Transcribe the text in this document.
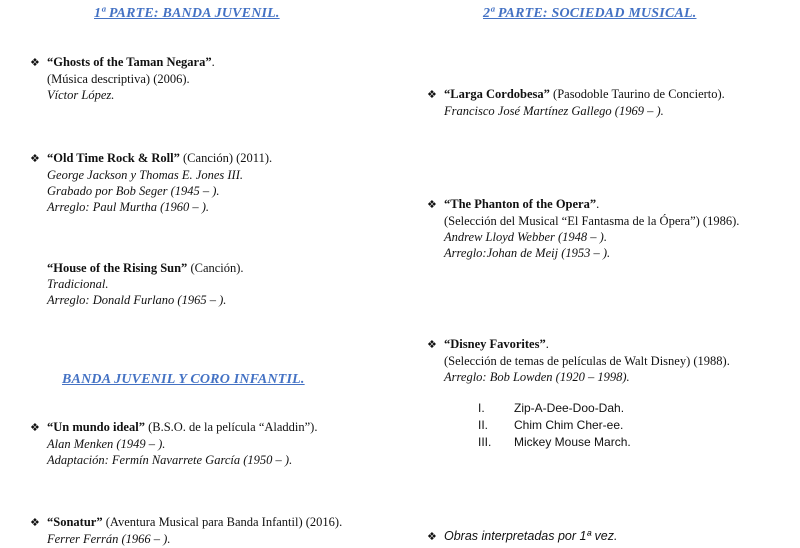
1ª PARTE: BANDA JUVENIL.
❖ “Ghosts of the Taman Negara”.
(Música descriptiva) (2006).
Víctor López.
❖ “Old Time Rock & Roll” (Canción) (2011).
George Jackson y Thomas E. Jones III.
Grabado por Bob Seger (1945 – ).
Arreglo: Paul Murtha (1960 – ).
“House of the Rising Sun” (Canción).
Tradicional.
Arreglo: Donald Furlano (1965 – ).
BANDA JUVENIL Y CORO INFANTIL.
❖ “Un mundo ideal” (B.S.O. de la película “Aladdin”).
Alan Menken (1949 – ).
Adaptación: Fermín Navarrete García (1950 – ).
❖ “Sonatur” (Aventura Musical para Banda Infantil) (2016).
Ferrer Ferrán (1966 – ).
2ª PARTE: SOCIEDAD MUSICAL.
❖ “Larga Cordobesa” (Pasodoble Taurino de Concierto).
Francisco José Martínez Gallego (1969 – ).
❖ “The Phanton of the Opera”.
(Selección del Musical “El Fantasma de la Ópera”) (1986).
Andrew Lloyd Webber (1948 – ).
Arreglo:Johan de Meij (1953 – ).
❖ “Disney Favorites”.
(Selección de temas de películas de Walt Disney) (1988).
Arreglo: Bob Lowden (1920 – 1998).
I. Zip-A-Dee-Doo-Dah.
II. Chim Chim Cher-ee.
III. Mickey Mouse March.
❖ Obras interpretadas por 1ª vez.
